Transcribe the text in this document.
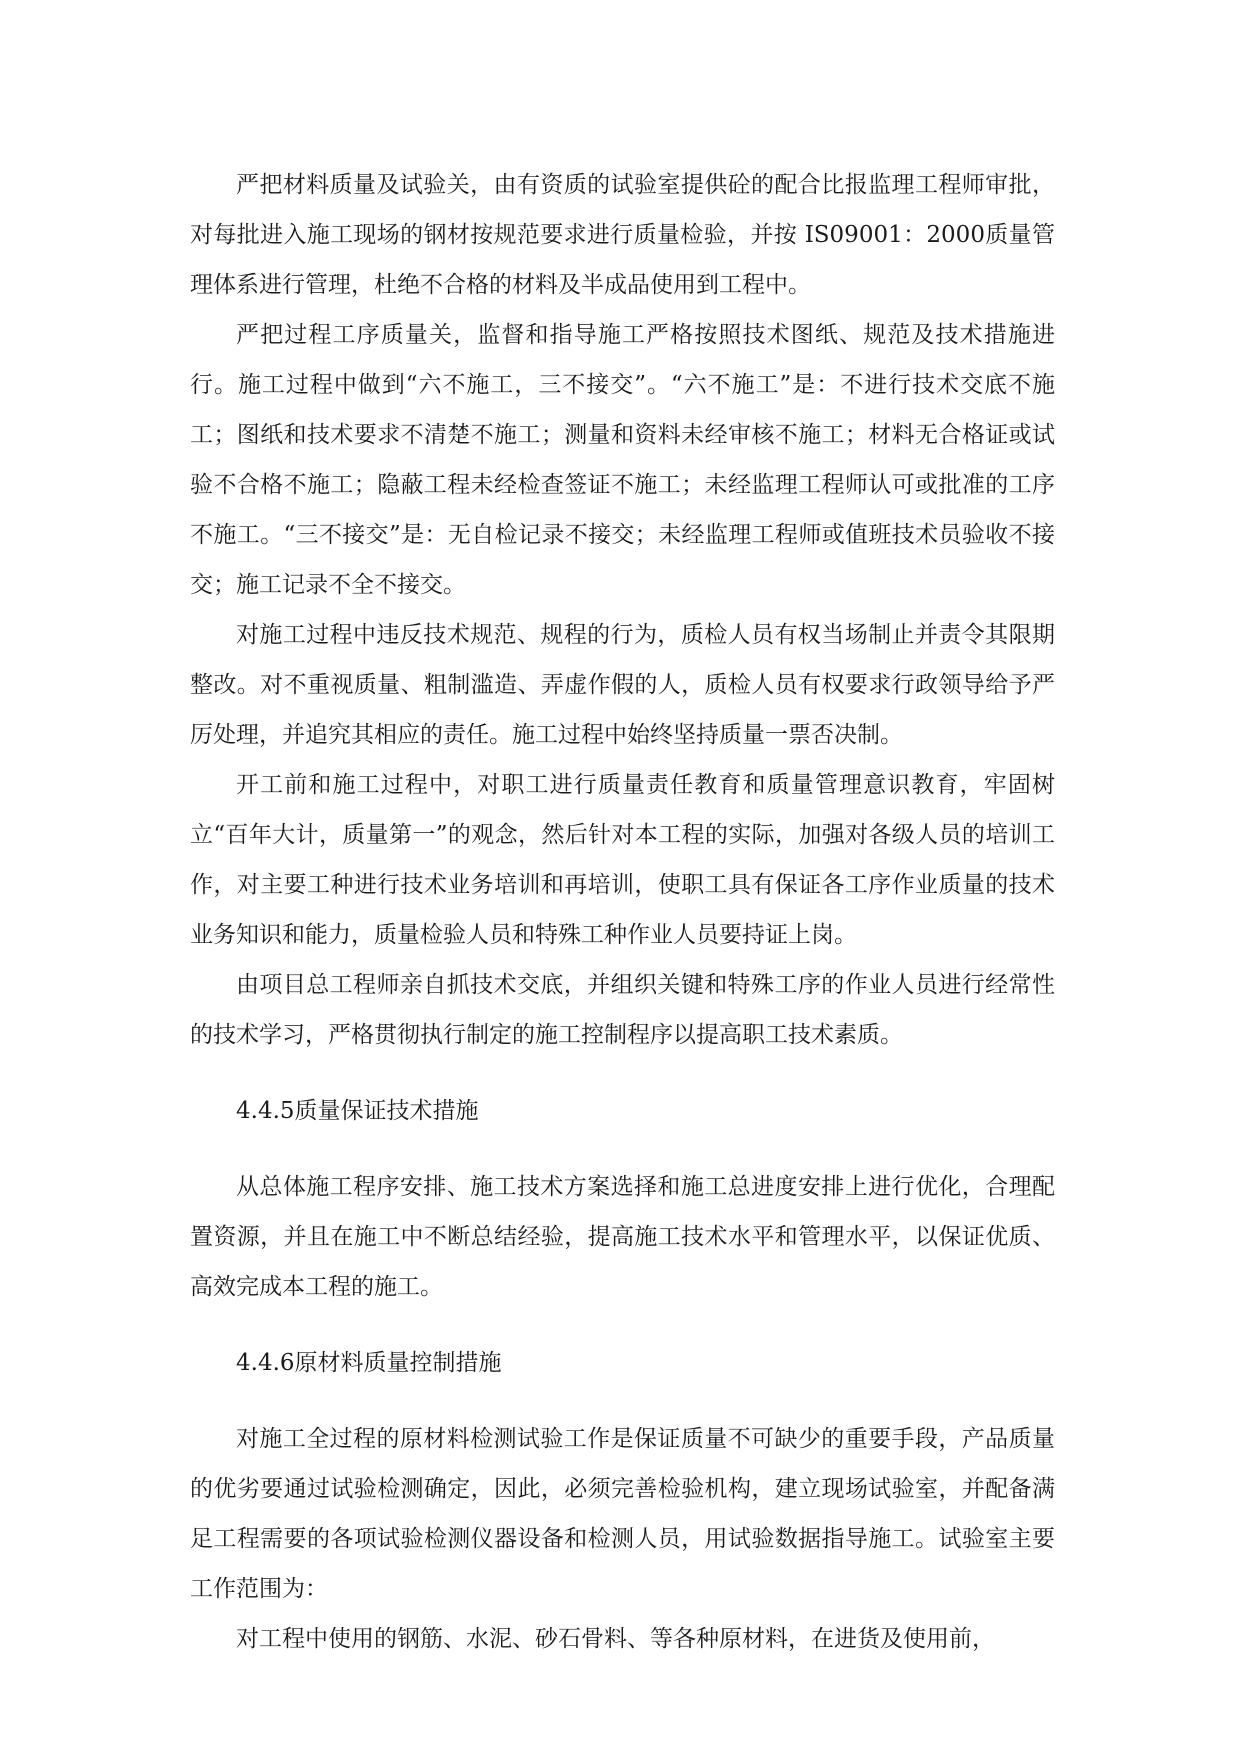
严把材料质量及试验关，由有资质的试验室提供砼的配合比报监理工程师审批，对每批进入施工现场的钢材按规范要求进行质量检验，并按 IS09001：2000质量管理体系进行管理，杜绝不合格的材料及半成品使用到工程中。

严把过程工序质量关，监督和指导施工严格按照技术图纸、规范及技术措施进行。施工过程中做到“六不施工，三不接交”。“六不施工”是：不进行技术交底不施工；图纸和技术要求不清楚不施工；测量和资料未经审核不施工；材料无合格证或试验不合格不施工；隐蔽工程未经检查签证不施工；未经监理工程师认可或批准的工序不施工。“三不接交”是：无自检记录不接交；未经监理工程师或值班技术员验收不接交；施工记录不全不接交。

对施工过程中违反技术规范、规程的行为，质检人员有权当场制止并责令其限期整改。对不重视质量、粗制滥造、弄虚作假的人，质检人员有权要求行政领导给予严厉处理，并追究其相应的责任。施工过程中始终坚持质量一票否决制。

开工前和施工过程中，对职工进行质量责任教育和质量管理意识教育，牢固树立“百年大计，质量第一”的观念，然后针对本工程的实际，加强对各级人员的培训工作，对主要工种进行技术业务培训和再培训，使职工具有保证各工序作业质量的技术业务知识和能力，质量检验人员和特殊工种作业人员要持证上岗。

由项目总工程师亲自抓技术交底，并组织关键和特殊工序的作业人员进行经常性的技术学习，严格贯彻执行制定的施工控制程序以提高职工技术素质。

4.4.5质量保证技术措施

从总体施工程序安排、施工技术方案选择和施工总进度安排上进行优化，合理配置资源，并且在施工中不断总结经验，提高施工技术水平和管理水平，以保证优质、高效完成本工程的施工。

4.4.6原材料质量控制措施

对施工全过程的原材料检测试验工作是保证质量不可缺少的重要手段，产品质量的优劣要通过试验检测确定，因此，必须完善检验机构，建立现场试验室，并配备满足工程需要的各项试验检测仪器设备和检测人员，用试验数据指导施工。试验室主要工作范围为：

对工程中使用的钢筋、水泥、砂石骨料、等各种原材料，在进货及使用前，
